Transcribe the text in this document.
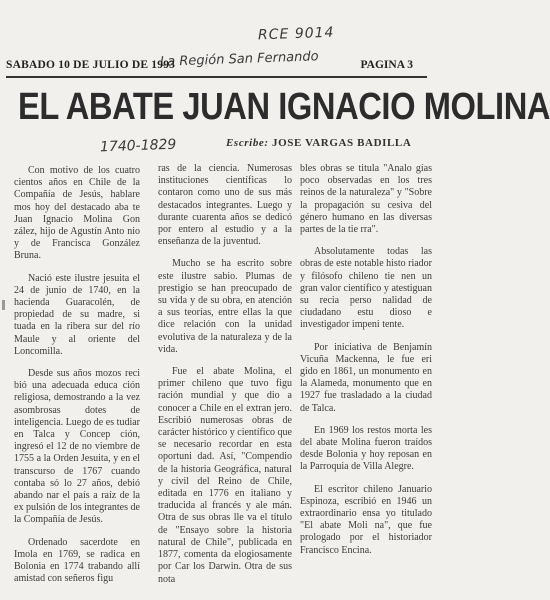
RCE 9014
La Región San Fernando
SABADO 10 DE JULIO DE 1993	PAGINA 3
EL ABATE JUAN IGNACIO MOLINA
1740-1829	Escribe: JOSE VARGAS BADILLA

Con motivo de los cuatro cientos años en Chile de la Compañía de Jesús, hablare mos hoy del destacado aba te Juan Ignacio Molina Gon zález, hijo de Agustín Anto nio y de Francisca González Bruna.

Nació este ilustre jesuita el 24 de junio de 1740, en la hacienda Guaracolén, de propiedad de su madre, si tuada en la ribera sur del río Maule y al oriente del Loncomilla.

Desde sus años mozos reci bió una adecuada educa ción religiosa, demostrando a la vez asombrosas dotes de inteligencia. Luego de es tudiar en Talca y Concep ción, ingresó el 12 de no viembre de 1755 a la Orden Jesuita, y en el transcurso de 1767 cuando contaba só lo 27 años, debió abando nar el país a raíz de la ex pulsión de los integrantes de la Compañía de Jesús.

Ordenado sacerdote en Imola en 1769, se radica en Bolonia en 1774 trabando allí amistad con señeros figu

ras de la ciencia. Numerosas instituciones científicas lo contaron como uno de sus más destacados integrantes. Luego y durante cuarenta años se dedicó por entero al estudio y a la enseñanza de la juventud.

Mucho se ha escrito sobre este ilustre sabio. Plumas de prestigio se han preocupado de su vida y de su obra, en atención a sus teorías, entre ellas la que dice relación con la unidad evolutiva de la naturaleza y de la vida.

Fue el abate Molina, el primer chileno que tuvo figu ración mundial y que dio a conocer a Chile en el extran jero. Escribió numerosas obras de carácter histórico y científico que se necesario recordar en esta oportuni dad. Así, "Compendio de la historia Geográfica, natural y civil del Reino de Chile, editada en 1776 en italiano y traducida al francés y ale mán. Otra de sus obras lle va el título de "Ensayo sobre la historia natural de Chile", publicada en 1877, comenta da elogiosamente por Car los Darwin. Otra de sus nota

bles obras se titula "Analo gías poco observadas en los tres reinos de la naturaleza" y "Sobre la propagación su cesiva del género humano en las diversas partes de la tie rra".

Absolutamente todas las obras de este notable histo riador y filósofo chileno tie nen un gran valor científico y atestiguan su recia perso nalidad de ciudadano estu dioso e investigador impeni tente.

Por iniciativa de Benjamín Vicuña Mackenna, le fue eri gido en 1861, un monumento en la Alameda, monumento que en 1927 fue trasladado a la ciudad de Talca.

En 1969 los restos morta les del abate Molina fueron traídos desde Bolonia y hoy reposan en la Parroquia de Villa Alegre.

El escritor chileno Januario Espinoza, escribió en 1946 un extraordinario ensa yo titulado "El abate Moli na", que fue prologado por el historiador Francisco Encina.
